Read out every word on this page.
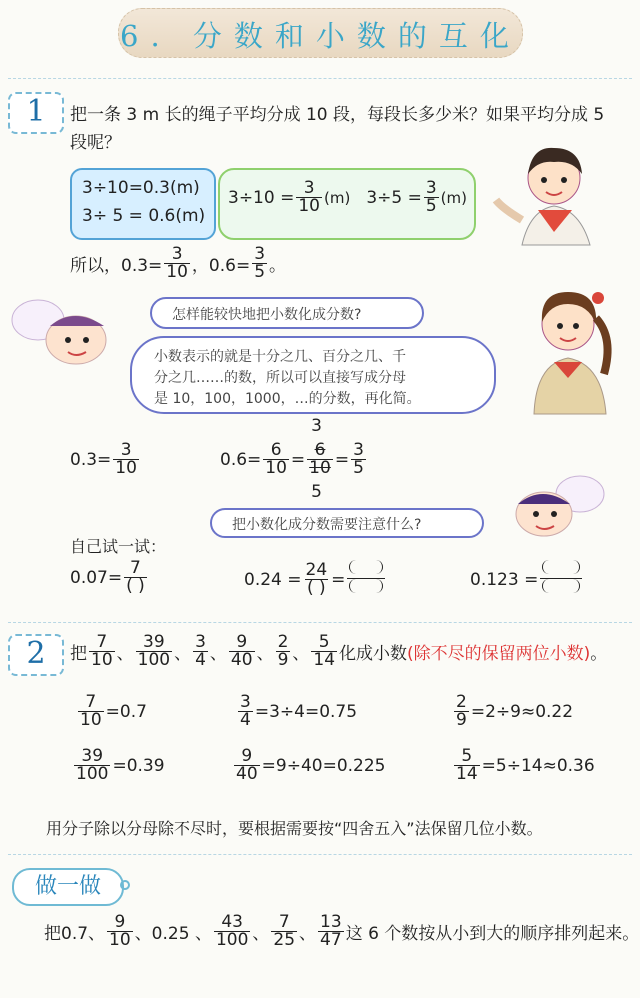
6. 分数和小数的互化
1	把一条 3 m 长的绳子平均分成 10 段，每段长多少米？如果平均分成 5
段呢？
3÷10=0.3(m)
3÷ 5 = 0.6(m)
$3\div 10 = \frac{3}{10} (m) 3\div 5 = \frac{3}{5} (m)$
所以，$0.3= \frac{3}{10}$ ，$0.6= \frac{3}{5}$ 。
怎样能较快地把小数化成分数?
小数表示的就是十分之几、百分之几、千
分之几……的数，所以可以直接写成分母
是 10，100，1000，…的分数，再化简。
$0.3= \frac{3}{10}$	$0.6= \frac{6}{10}$ =
3
$\frac{6}{10}$
5
= $\frac{3}{5}$
把小数化成分数需要注意什么?
自己试一试：
$0.07= \frac{7}{( )}$	$0.24 = \frac{24}{( )}$ =	0.123 =
2	把 $\frac{7}{10}$ 、 $\frac{39}{100}$ 、 $\frac{3}{4}$ 、 $\frac{9}{40}$ 、 $\frac{2}{9}$ 、 $\frac{5}{14}$ 化成小数 (除不尽的保留两位小数) 。
$\frac{7}{10} =0.7$	$\frac{3}{4} =3\div 4=0.75$	$\frac{2}{9} =2\div 9\approx 0.22$
$\frac{39}{100} =0.39$	$\frac{9}{40} =9\div 40=0.225$	$\frac{5}{14} =5\div 14\approx 0.36$
用分子除以分母除不尽时，要根据需要按“四舍五入”法保留几位小数。
做一做
把0.7、 $\frac{9}{10}$ 、0.25 、 $\frac{43}{100}$ 、 $\frac{7}{25}$ 、 $\frac{13}{47}$ 这 6 个数按从小到大的顺序排列起来。
